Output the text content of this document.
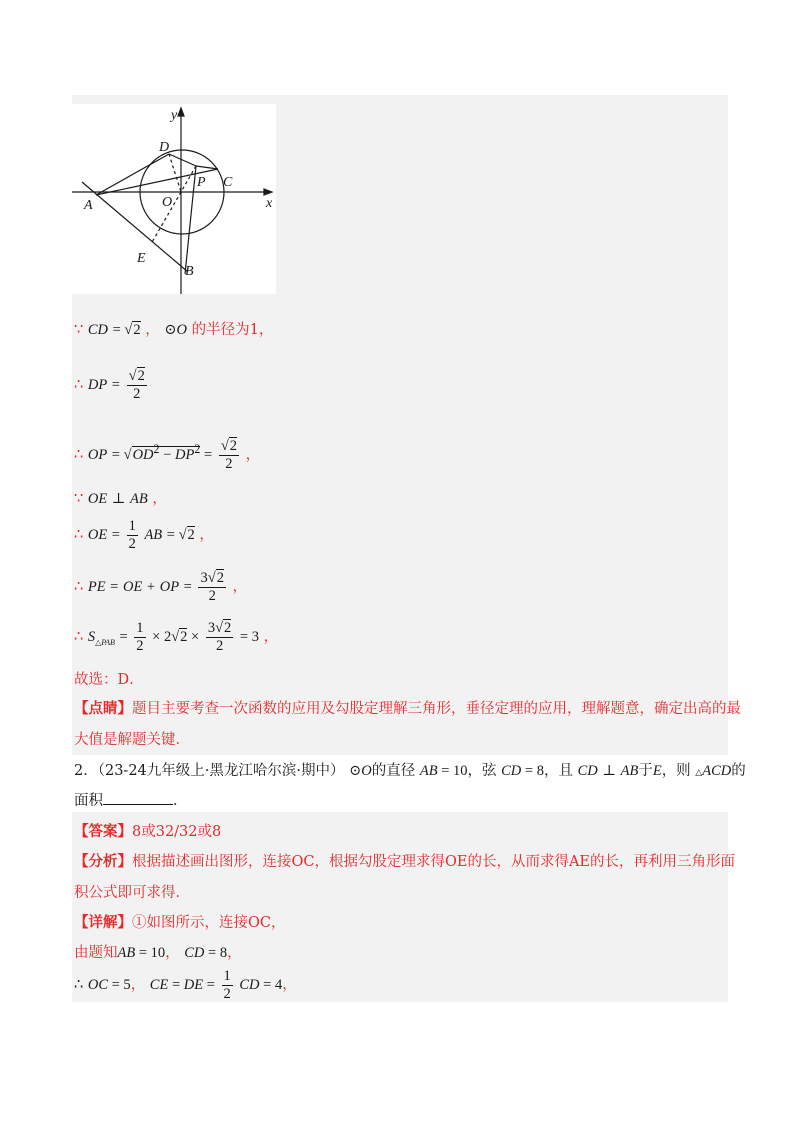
y
x
D
P C
A	O
E
B
∵ CD = √2 ， ⊙O 的半径为1，
∴ DP = $\frac{√2}{2}$
∴ OP = $√OD^2 - DP^2 = \frac{√2}{2}$ ，
∵ OE ⊥ AB ，
∴ OE = $\frac{1}{2}$ AB = √2 ，
∴ PE = OE + OP = $\frac{3√2}{2}$ ，
∴ $S_{\triangle PAB} = \frac{1}{2} \times 2√2 \times \frac{3√2}{2} = 3$ ，
故选：D．
【点睛】题目主要考查一次函数的应用及勾股定理解三角形，垂径定理的应用，理解题意，确定出高的最
大值是解题关键．
2．（23-24九年级上·黑龙江哈尔滨·期中） ⊙O的直径 AB = 10，弦 CD = 8，且 CD ⊥ AB于E，则 △ACD的
面积	．
【答案】8或32/32或8
【分析】根据描述画出图形，连接OC，根据勾股定理求得OE的长，从而求得AE的长，再利用三角形面
积公式即可求得．
【详解】①如图所示，连接OC，
由题知AB = 10， CD = 8，
∴ OC = 5， CE = DE = $\frac{1}{2}$ CD = 4，
